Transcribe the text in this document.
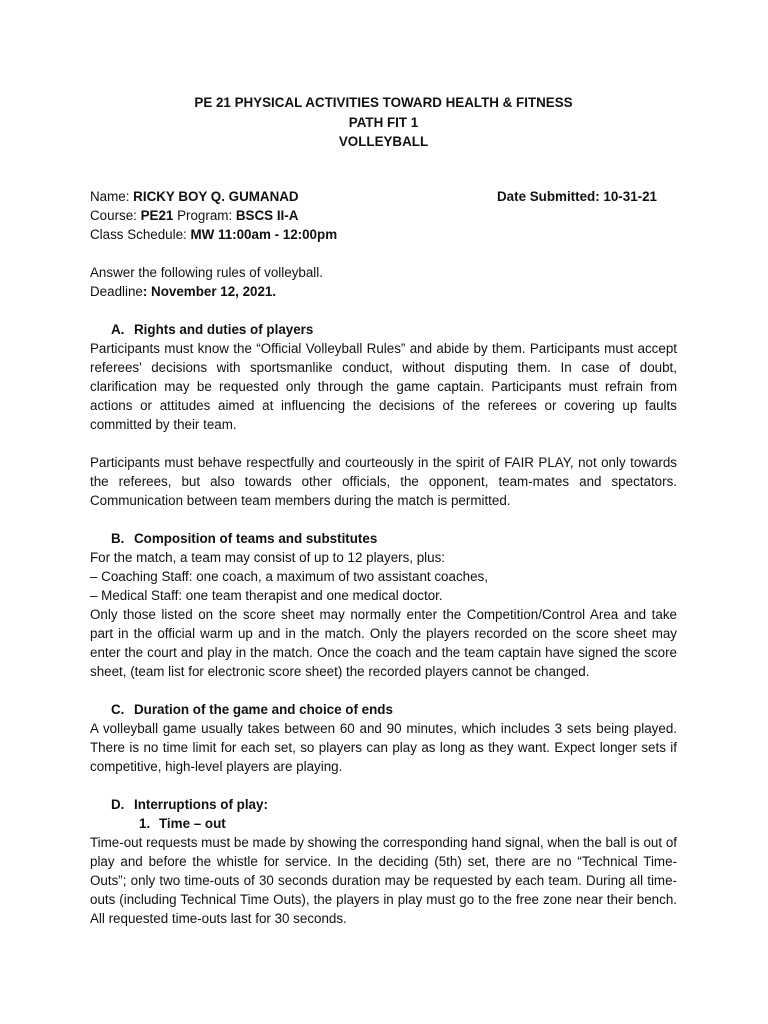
PE 21 PHYSICAL ACTIVITIES TOWARD HEALTH & FITNESS

PATH FIT 1

VOLLEYBALL

Name: RICKY BOY Q. GUMANAD	Date Submitted: 10-31-21

Course: PE21 Program: BSCS II-A

Class Schedule: MW 11:00am - 12:00pm

Answer the following rules of volleyball.

Deadline: November 12, 2021.

A. Rights and duties of players

Participants must know the “Official Volleyball Rules” and abide by them. Participants must accept referees' decisions with sportsmanlike conduct, without disputing them. In case of doubt, clarification may be requested only through the game captain. Participants must refrain from actions or attitudes aimed at influencing the decisions of the referees or covering up faults committed by their team.

Participants must behave respectfully and courteously in the spirit of FAIR PLAY, not only towards the referees, but also towards other officials, the opponent, team-mates and spectators. Communication between team members during the match is permitted.

B. Composition of teams and substitutes

For the match, a team may consist of up to 12 players, plus:

– Coaching Staff: one coach, a maximum of two assistant coaches,

– Medical Staff: one team therapist and one medical doctor.

Only those listed on the score sheet may normally enter the Competition/Control Area and take part in the official warm up and in the match. Only the players recorded on the score sheet may enter the court and play in the match. Once the coach and the team captain have signed the score sheet, (team list for electronic score sheet) the recorded players cannot be changed.

C. Duration of the game and choice of ends

A volleyball game usually takes between 60 and 90 minutes, which includes 3 sets being played. There is no time limit for each set, so players can play as long as they want. Expect longer sets if competitive, high-level players are playing.

D. Interruptions of play:

1. Time – out

Time-out requests must be made by showing the corresponding hand signal, when the ball is out of play and before the whistle for service. In the deciding (5th) set, there are no “Technical Time- Outs”; only two time-outs of 30 seconds duration may be requested by each team. During all time-outs (including Technical Time Outs), the players in play must go to the free zone near their bench. All requested time-outs last for 30 seconds.
